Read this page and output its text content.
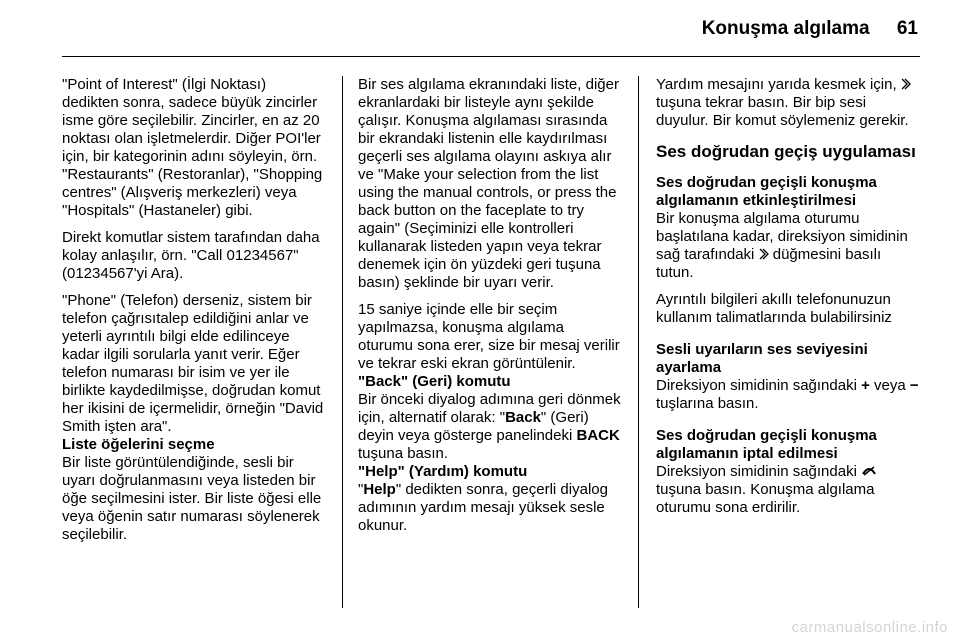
Konuşma algılama 61

"Point of Interest" (İlgi Noktası) dedikten sonra, sadece büyük zincirler isme göre seçilebilir. Zincirler, en az 20 noktası olan işletmelerdir. Diğer POI'ler için, bir kategorinin adını söyleyin, örn. "Restaurants" (Restoranlar), "Shopping centres" (Alışveriş merkezleri) veya "Hospitals" (Hastaneler) gibi.

Direkt komutlar sistem tarafından daha kolay anlaşılır, örn. "Call 01234567" (01234567'yi Ara).

"Phone" (Telefon) derseniz, sistem bir telefon çağrısıtalep edildiğini anlar ve yeterli ayrıntılı bilgi elde edilinceye kadar ilgili sorularla yanıt verir. Eğer telefon numarası bir isim ve yer ile birlikte kaydedilmişse, doğrudan komut her ikisini de içermelidir, örneğin "David Smith işten ara".

Liste öğelerini seçme

Bir liste görüntülendiğinde, sesli bir uyarı doğrulanmasını veya listeden bir öğe seçilmesini ister. Bir liste öğesi elle veya öğenin satır numarası söylenerek seçilebilir.

Bir ses algılama ekranındaki liste, diğer ekranlardaki bir listeyle aynı şekilde çalışır. Konuşma algılaması sırasında bir ekrandaki listenin elle kaydırılması geçerli ses algılama olayını askıya alır ve "Make your selection from the list using the manual controls, or press the back button on the faceplate to try again" (Seçiminizi elle kontrolleri kullanarak listeden yapın veya tekrar denemek için ön yüzdeki geri tuşuna basın) şeklinde bir uyarı verir.

15 saniye içinde elle bir seçim yapılmazsa, konuşma algılama oturumu sona erer, size bir mesaj verilir ve tekrar eski ekran görüntülenir.

"Back" (Geri) komutu

Bir önceki diyalog adımına geri dönmek için, alternatif olarak: "Back" (Geri) deyin veya gösterge panelindeki BACK tuşuna basın.

"Help" (Yardım) komutu

"Help" dedikten sonra, geçerli diyalog adımının yardım mesajı yüksek sesle okunur.

Yardım mesajını yarıda kesmek için,  tuşuna tekrar basın. Bir bip sesi duyulur. Bir komut söylemeniz gerekir.

Ses doğrudan geçiş uygulaması
Ses doğrudan geçişli konuşma algılamanın etkinleştirilmesi

Bir konuşma algılama oturumu başlatılana kadar, direksiyon simidinin sağ tarafındaki  düğmesini basılı tutun.

Ayrıntılı bilgileri akıllı telefonunuzun kullanım talimatlarında bulabilirsiniz

Sesli uyarıların ses seviyesini ayarlama

Direksiyon simidinin sağındaki + veya − tuşlarına basın.

Ses doğrudan geçişli konuşma algılamanın iptal edilmesi

Direksiyon simidinin sağındaki  tuşuna basın. Konuşma algılama oturumu sona erdirilir.

carmanualsonline.info
